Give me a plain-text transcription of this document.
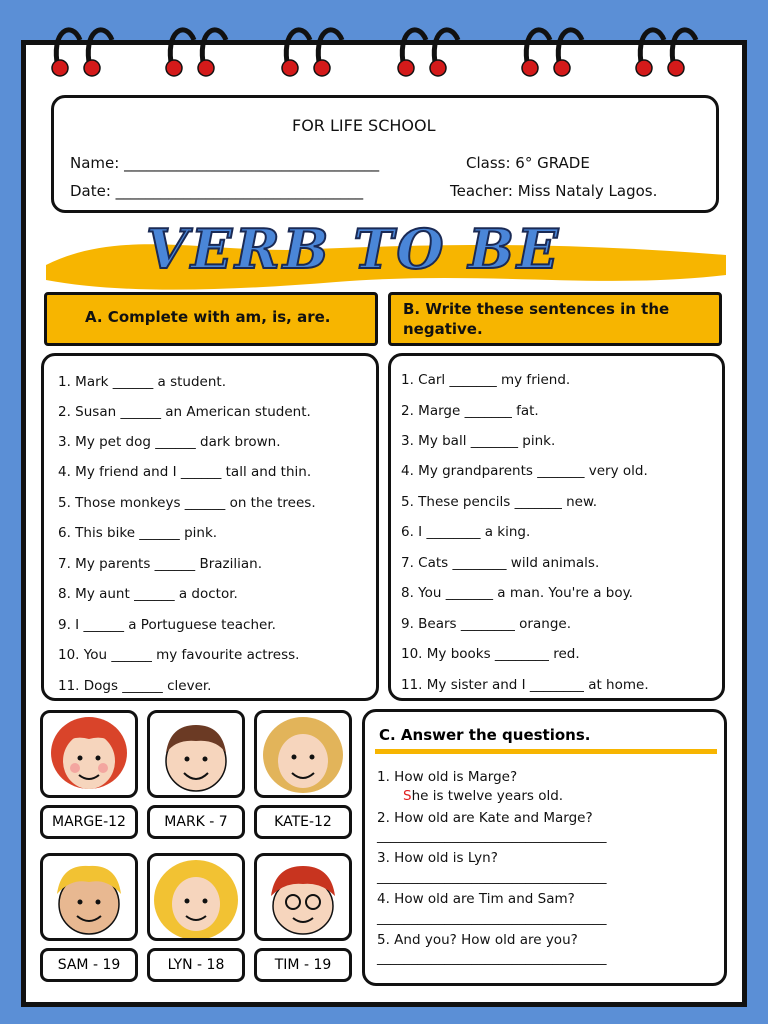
FOR LIFE SCHOOL
Name: __________________________________	Class: 6° GRADE
Date: _________________________________	Teacher: Miss Nataly Lagos.
VERB TO BE
A. Complete with am, is, are.	B. Write these sentences in the
negative.
1. Mark ______ a student.
2. Susan ______ an American student.
3. My pet dog ______ dark brown.
4. My friend and I ______ tall and thin.
5. Those monkeys ______ on the trees.
6. This bike ______ pink.
7. My parents ______ Brazilian.
8. My aunt ______ a doctor.
9. I ______ a Portuguese teacher.
10. You ______ my favourite actress.
11. Dogs ______ clever.
1. Carl _______ my friend.
2. Marge _______ fat.
3. My ball _______ pink.
4. My grandparents _______ very old.
5. These pencils _______ new.
6. I ________ a king.
7. Cats ________ wild animals.
8. You _______ a man. You're a boy.
9. Bears ________ orange.
10. My books ________ red.
11. My sister and I ________ at home.
MARGE-12	MARK - 7	KATE-12
SAM - 19	LYN - 18	TIM - 19
C. Answer the questions.
1. How old is Marge?
She is twelve years old.
2. How old are Kate and Marge?
__________________________________
3. How old is Lyn?
__________________________________
4. How old are Tim and Sam?
__________________________________
5. And you? How old are you?
__________________________________
